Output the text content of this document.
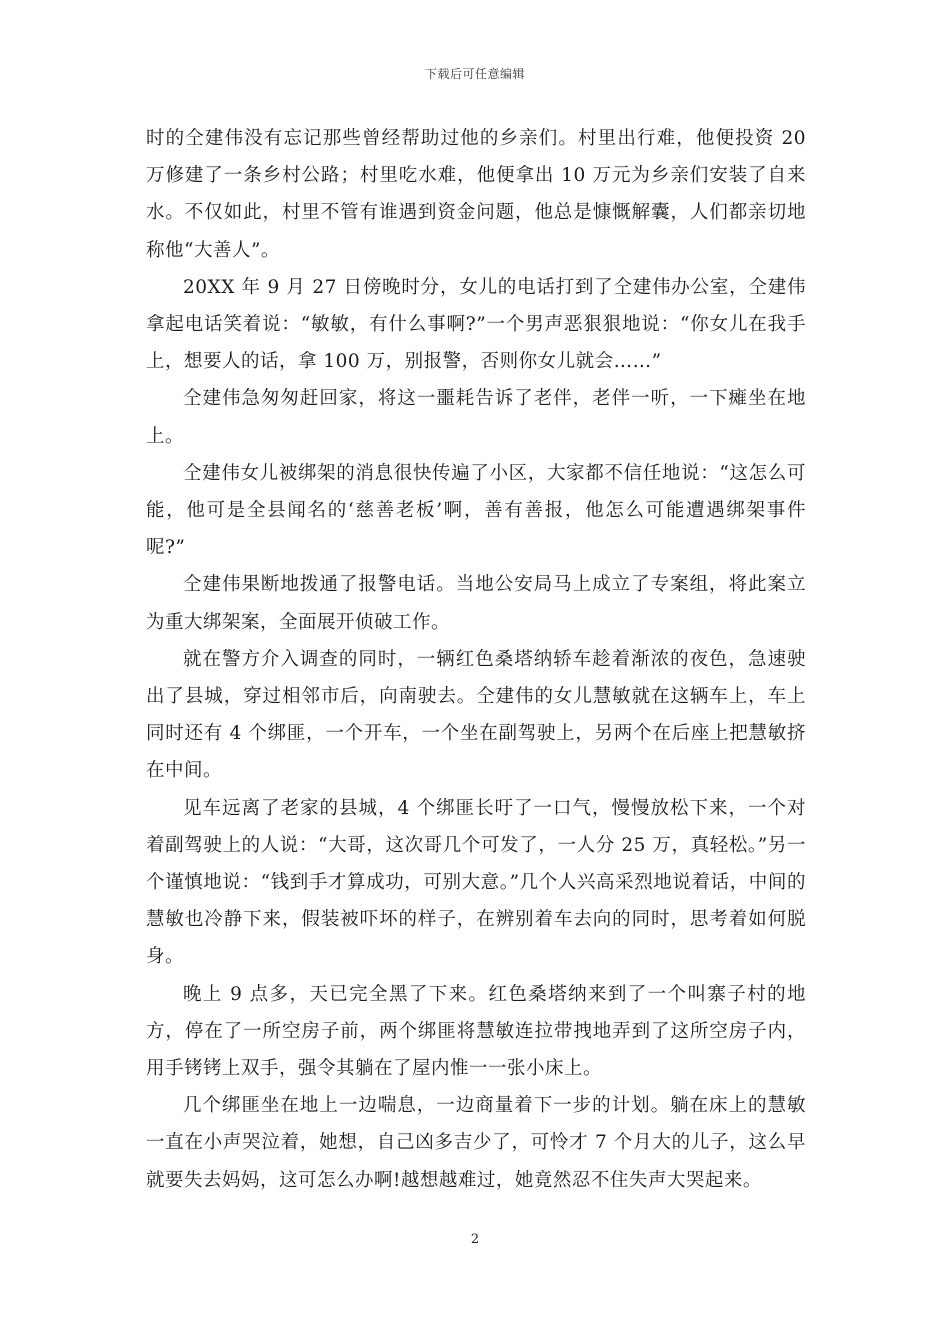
下载后可任意编辑

时的仝建伟没有忘记那些曾经帮助过他的乡亲们。村里出行难，他便投资 20 万修建了一条乡村公路；村里吃水难，他便拿出 10 万元为乡亲们安装了自来水。不仅如此，村里不管有谁遇到资金问题，他总是慷慨解囊，人们都亲切地称他“大善人”。

20XX 年 9 月 27 日傍晚时分，女儿的电话打到了仝建伟办公室，仝建伟拿起电话笑着说：“敏敏，有什么事啊?”一个男声恶狠狠地说：“你女儿在我手上，想要人的话，拿 100 万，别报警，否则你女儿就会……”

仝建伟急匆匆赶回家，将这一噩耗告诉了老伴，老伴一听，一下瘫坐在地上。

仝建伟女儿被绑架的消息很快传遍了小区，大家都不信任地说：“这怎么可能，他可是全县闻名的‘慈善老板’啊，善有善报，他怎么可能遭遇绑架事件呢?”

仝建伟果断地拨通了报警电话。当地公安局马上成立了专案组，将此案立为重大绑架案，全面展开侦破工作。

就在警方介入调查的同时，一辆红色桑塔纳轿车趁着渐浓的夜色，急速驶出了县城，穿过相邻市后，向南驶去。仝建伟的女儿慧敏就在这辆车上，车上同时还有 4 个绑匪，一个开车，一个坐在副驾驶上，另两个在后座上把慧敏挤在中间。

见车远离了老家的县城，4 个绑匪长吁了一口气，慢慢放松下来，一个对着副驾驶上的人说：“大哥，这次哥几个可发了，一人分 25 万，真轻松。”另一个谨慎地说：“钱到手才算成功，可别大意。”几个人兴高采烈地说着话，中间的慧敏也冷静下来，假装被吓坏的样子，在辨别着车去向的同时，思考着如何脱身。

晚上 9 点多，天已完全黑了下来。红色桑塔纳来到了一个叫寨子村的地方，停在了一所空房子前，两个绑匪将慧敏连拉带拽地弄到了这所空房子内，用手铐铐上双手，强令其躺在了屋内惟一一张小床上。

几个绑匪坐在地上一边喘息，一边商量着下一步的计划。躺在床上的慧敏一直在小声哭泣着，她想，自己凶多吉少了，可怜才 7 个月大的儿子，这么早就要失去妈妈，这可怎么办啊!越想越难过，她竟然忍不住失声大哭起来。

2
